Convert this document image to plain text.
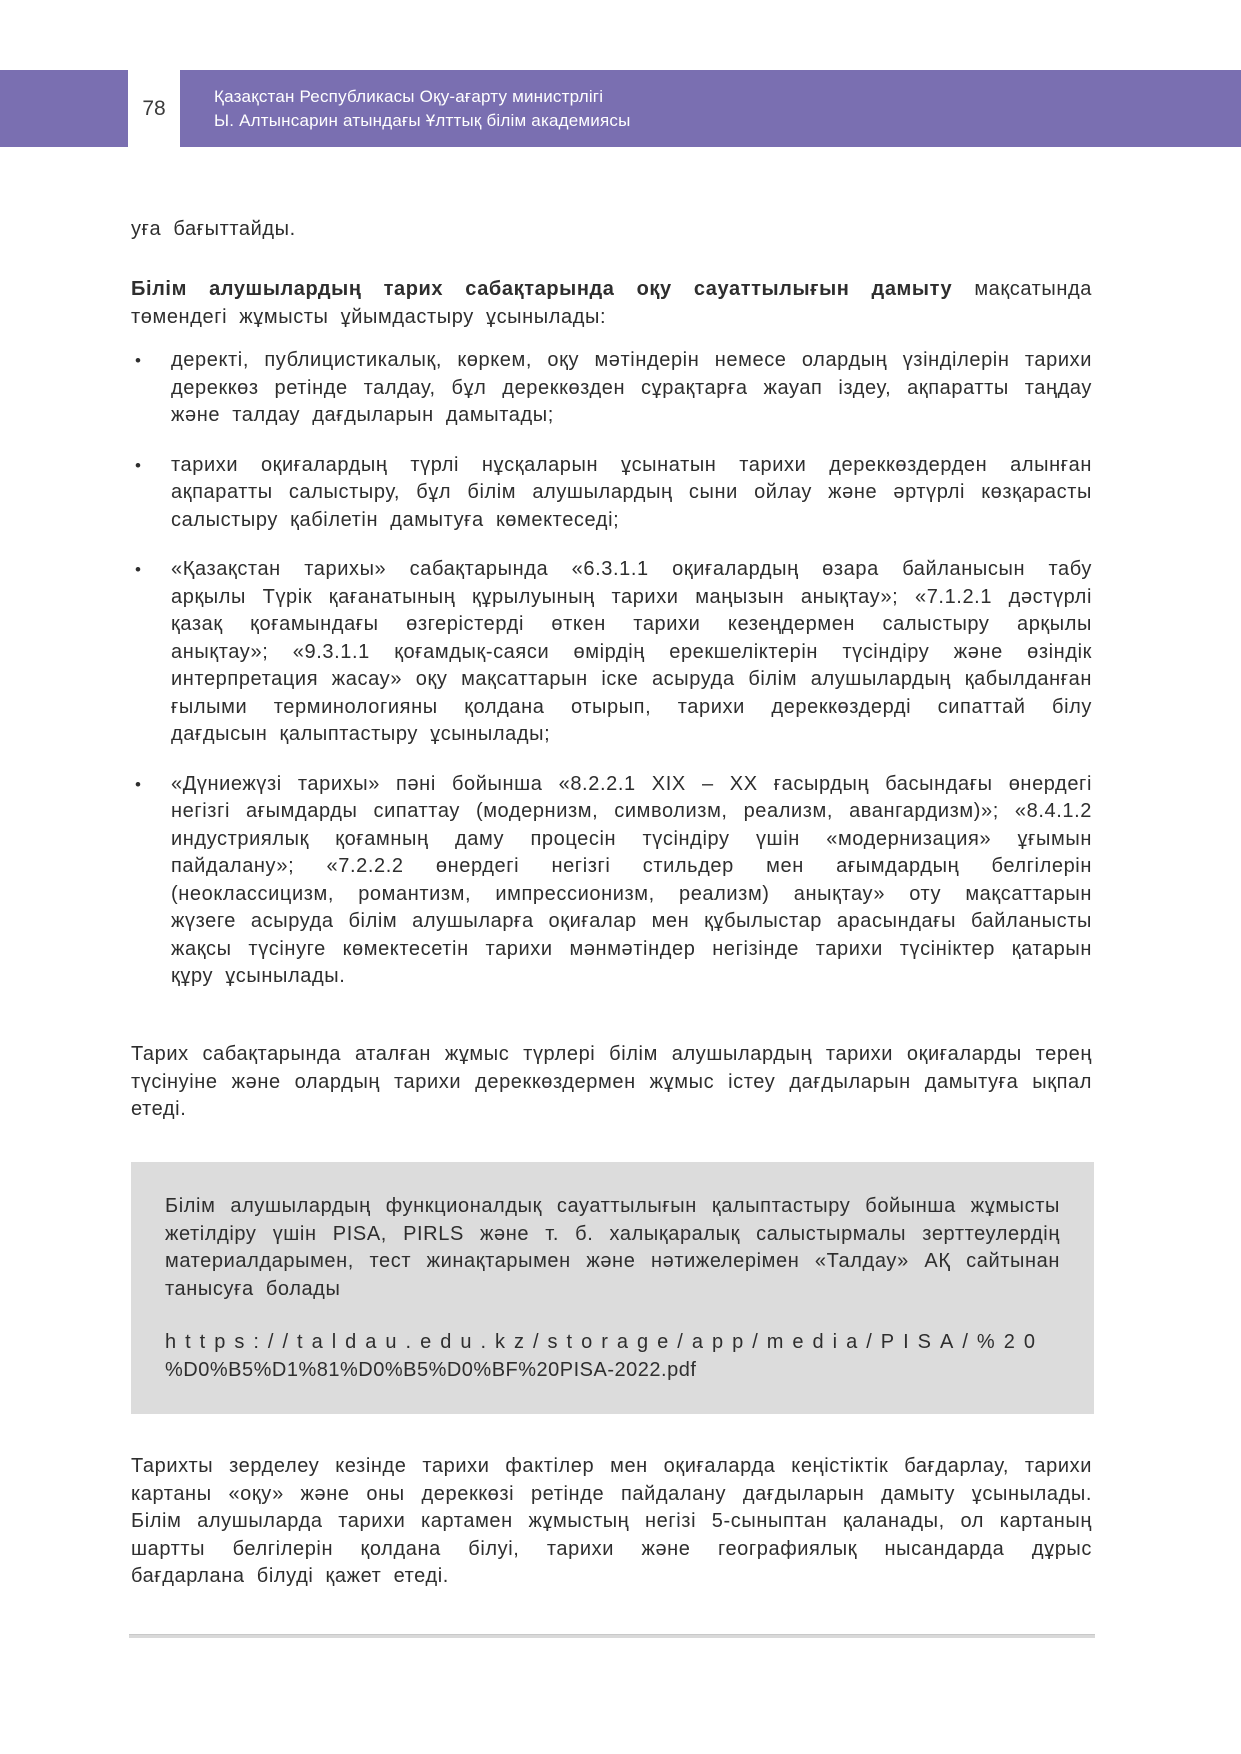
78
Қазақстан Республикасы Оқу-ағарту министрлігі
Ы. Алтынсарин атындағы Ұлттық білім академиясы
уға бағыттайды.
Білім алушылардың тарих сабақтарында оқу сауаттылығын дамыту мақсатында төмендегі жұмысты ұйымдастыру ұсынылады:
• деректі, публицистикалық, көркем, оқу мәтіндерін немесе олардың үзінділерін тарихи дереккөз ретінде талдау, бұл дереккөзден сұрақтарға жауап іздеу, ақпаратты таңдау және талдау дағдыларын дамытады;
• тарихи оқиғалардың түрлі нұсқаларын ұсынатын тарихи дереккөздерден алынған ақпаратты салыстыру, бұл білім алушылардың сыни ойлау және әртүрлі көзқарасты салыстыру қабілетін дамытуға көмектеседі;
• «Қазақстан тарихы» сабақтарында «6.3.1.1 оқиғалардың өзара байланысын табу арқылы Түрік қағанатының құрылуының тарихи маңызын анықтау»; «7.1.2.1 дәстүрлі қазақ қоғамындағы өзгерістерді өткен тарихи кезеңдермен салыстыру арқылы анықтау»; «9.3.1.1 қоғамдық-саяси өмірдің ерекшеліктерін түсіндіру және өзіндік интерпретация жасау» оқу мақсаттарын іске асыруда білім алушылардың қабылданған ғылыми терминологияны қолдана отырып, тарихи дереккөздерді сипаттай білу дағдысын қалыптастыру ұсынылады;
• «Дүниежүзі тарихы» пәні бойынша «8.2.2.1 XIX – XX ғасырдың басындағы өнердегі негізгі ағымдарды сипаттау (модернизм, символизм, реализм, авангардизм)»; «8.4.1.2 индустриялық қоғамның даму процесін түсіндіру үшін «модернизация» ұғымын пайдалану»; «7.2.2.2 өнердегі негізгі стильдер мен ағымдардың белгілерін (неоклассицизм, романтизм, импрессионизм, реализм) анықтау» оту мақсаттарын жүзеге асыруда білім алушыларға оқиғалар мен құбылыстар арасындағы байланысты жақсы түсінуге көмектесетін тарихи мәнмәтіндер негізінде тарихи түсініктер қатарын құру ұсынылады.
Тарих сабақтарында аталған жұмыс түрлері білім алушылардың тарихи оқиғаларды терең түсінуіне және олардың тарихи дереккөздермен жұмыс істеу дағдыларын дамытуға ықпал етеді.
Білім алушылардың функционалдық сауаттылығын қалыптастыру бойынша жұмысты жетілдіру үшін PISA, PIRLS және т. б. халықаралық салыстырмалы зерттеулердің материалдарымен, тест жинақтарымен және нәтижелерімен «Талдау» АҚ сайтынан танысуға болады
https://taldau.edu.kz/storage/app/media/PISA/%20
%D0%B5%D1%81%D0%B5%D0%BF%20PISA-2022.pdf
Тарихты зерделеу кезінде тарихи фактілер мен оқиғаларда кеңістіктік бағдарлау, тарихи картаны «оқу» және оны дереккөзі ретінде пайдалану дағдыларын дамыту ұсынылады. Білім алушыларда тарихи картамен жұмыстың негізі 5-сыныптан қаланады, ол картаның шартты белгілерін қолдана білуі, тарихи және географиялық нысандарда дұрыс бағдарлана білуді қажет етеді.
